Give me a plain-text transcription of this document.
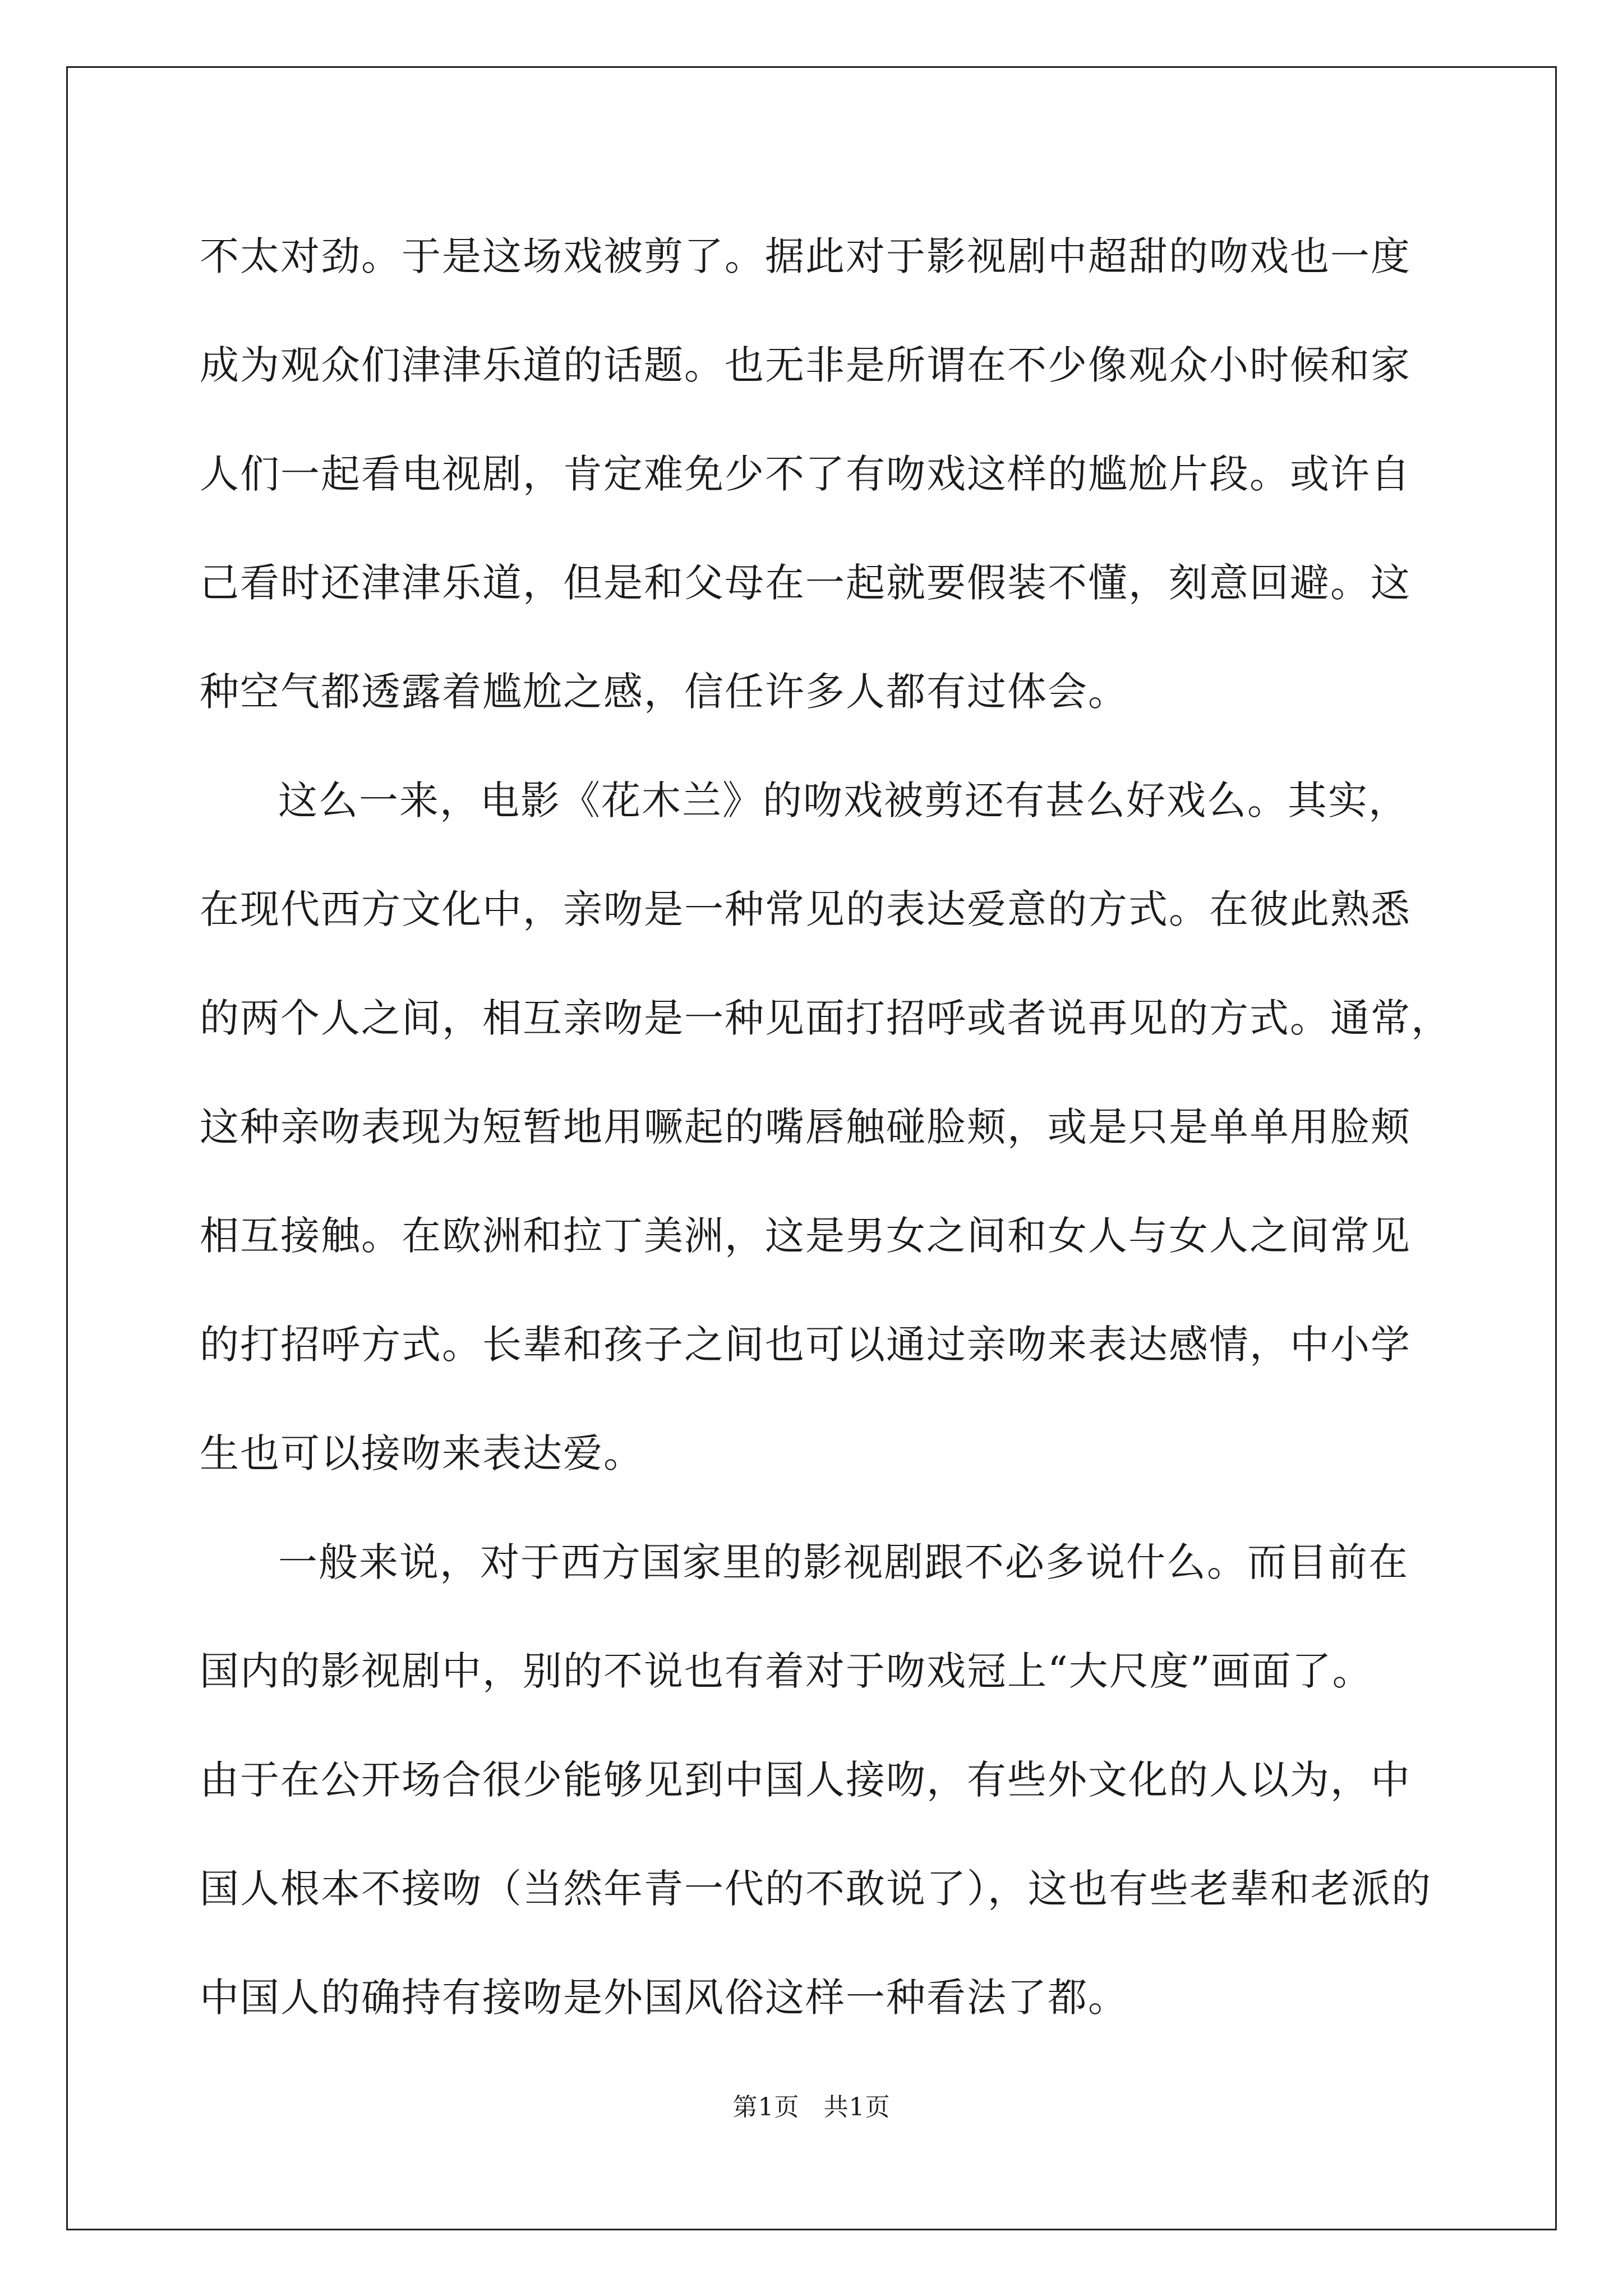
不太对劲。于是这场戏被剪了。据此对于影视剧中超甜的吻戏也一度
成为观众们津津乐道的话题。也无非是所谓在不少像观众小时候和家
人们一起看电视剧，肯定难免少不了有吻戏这样的尴尬片段。或许自
己看时还津津乐道，但是和父母在一起就要假装不懂，刻意回避。这
种空气都透露着尴尬之感，信任许多人都有过体会。
这么一来，电影《花木兰》的吻戏被剪还有甚么好戏么。其实，
在现代西方文化中，亲吻是一种常见的表达爱意的方式。在彼此熟悉
的两个人之间，相互亲吻是一种见面打招呼或者说再见的方式。通常，
这种亲吻表现为短暂地用噘起的嘴唇触碰脸颊，或是只是单单用脸颊
相互接触。在欧洲和拉丁美洲，这是男女之间和女人与女人之间常见
的打招呼方式。长辈和孩子之间也可以通过亲吻来表达感情，中小学
生也可以接吻来表达爱。
一般来说，对于西方国家里的影视剧跟不必多说什么。而目前在
国内的影视剧中，别的不说也有着对于吻戏冠上“大尺度”画面了。
由于在公开场合很少能够见到中国人接吻，有些外文化的人以为，中
国人根本不接吻（当然年青一代的不敢说了），这也有些老辈和老派的
中国人的确持有接吻是外国风俗这样一种看法了都。
第1页 共1页
